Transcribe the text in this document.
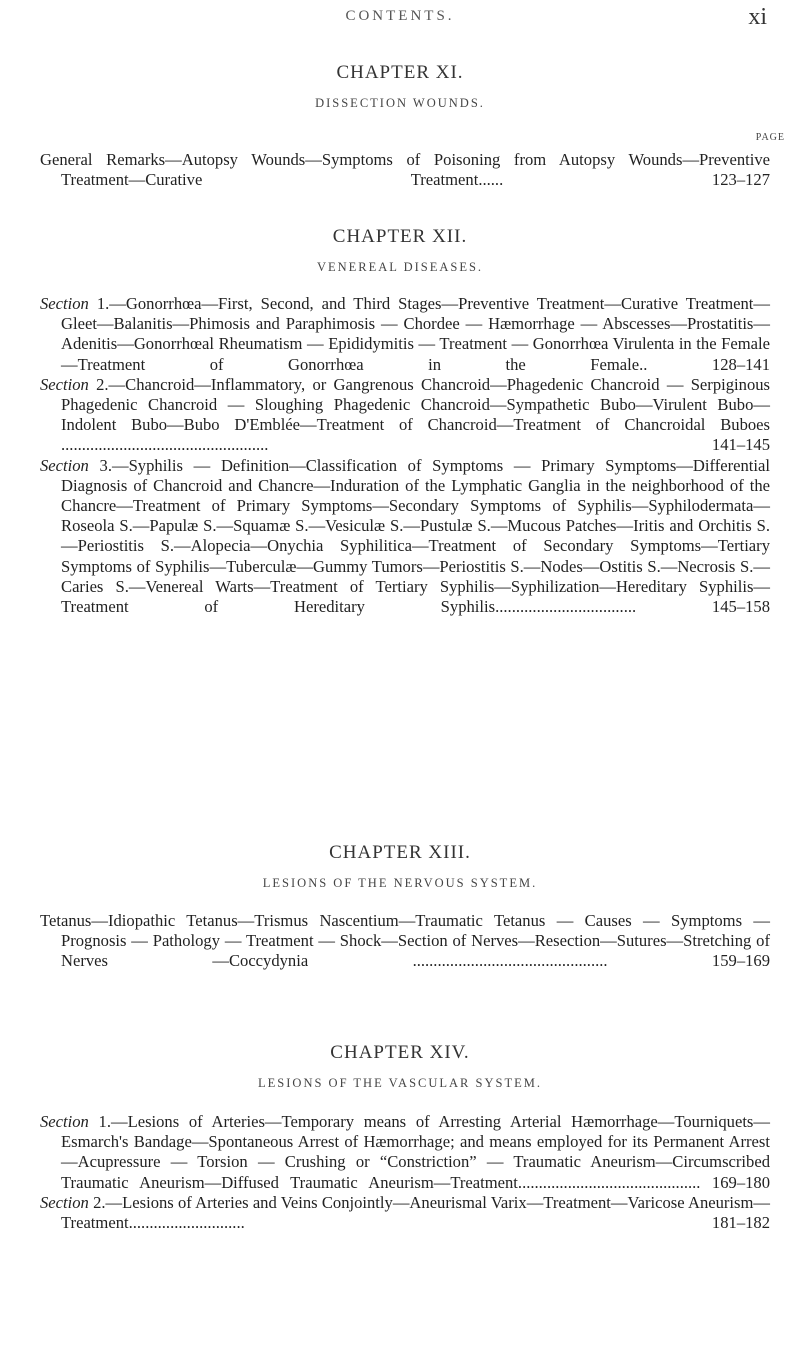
CONTENTS.	xi
CHAPTER XI.
DISSECTION WOUNDS.
PAGE
General Remarks—Autopsy Wounds—Symptoms of Poisoning from Autopsy Wounds—Preventive Treatment—Curative Treatment...... 123–127
CHAPTER XII.
VENEREAL DISEASES.
Section 1.—Gonorrhœa—First, Second, and Third Stages—Preventive Treatment—Curative Treatment—Gleet—Balanitis—Phimosis and Paraphimosis — Chordee — Hæmorrhage — Abscesses—Prostatitis—Adenitis—Gonorrhœal Rheumatism — Epididymitis — Treatment — Gonorrhœa Virulenta in the Female—Treatment of Gonorrhœa in the Female.. 128–141
Section 2.—Chancroid—Inflammatory, or Gangrenous Chancroid—Phagedenic Chancroid — Serpiginous Phagedenic Chancroid — Sloughing Phagedenic Chancroid—Sympathetic Bubo—Virulent Bubo—Indolent Bubo—Bubo D'Emblée—Treatment of Chancroid—Treatment of Chancroidal Buboes .................................................. 141–145
Section 3.—Syphilis — Definition—Classification of Symptoms — Primary Symptoms—Differential Diagnosis of Chancroid and Chancre—Induration of the Lymphatic Ganglia in the neighborhood of the Chancre—Treatment of Primary Symptoms—Secondary Symptoms of Syphilis—Syphilodermata—Roseola S.—Papulæ S.—Squamæ S.—Vesiculæ S.—Pustulæ S.—Mucous Patches—Iritis and Orchitis S.—Periostitis S.—Alopecia—Onychia Syphilitica—Treatment of Secondary Symptoms—Tertiary Symptoms of Syphilis—Tuberculæ—Gummy Tumors—Periostitis S.—Nodes—Ostitis S.—Necrosis S.—Caries S.—Venereal Warts—Treatment of Tertiary Syphilis—Syphilization—Hereditary Syphilis—Treatment of Hereditary Syphilis.................................. 145–158
CHAPTER XIII.
LESIONS OF THE NERVOUS SYSTEM.
Tetanus—Idiopathic Tetanus—Trismus Nascentium—Traumatic Tetanus — Causes — Symptoms — Prognosis — Pathology — Treatment — Shock—Section of Nerves—Resection—Sutures—Stretching of Nerves —Coccydynia ............................................... 159–169
CHAPTER XIV.
LESIONS OF THE VASCULAR SYSTEM.
Section 1.—Lesions of Arteries—Temporary means of Arresting Arterial Hæmorrhage—Tourniquets—Esmarch's Bandage—Spontaneous Arrest of Hæmorrhage; and means employed for its Permanent Arrest—Acupressure — Torsion — Crushing or “Constriction” — Traumatic Aneurism—Circumscribed Traumatic Aneurism—Diffused Traumatic Aneurism—Treatment............................................ 169–180
Section 2.—Lesions of Arteries and Veins Conjointly—Aneurismal Varix—Treatment—Varicose Aneurism—Treatment............................ 181–182
